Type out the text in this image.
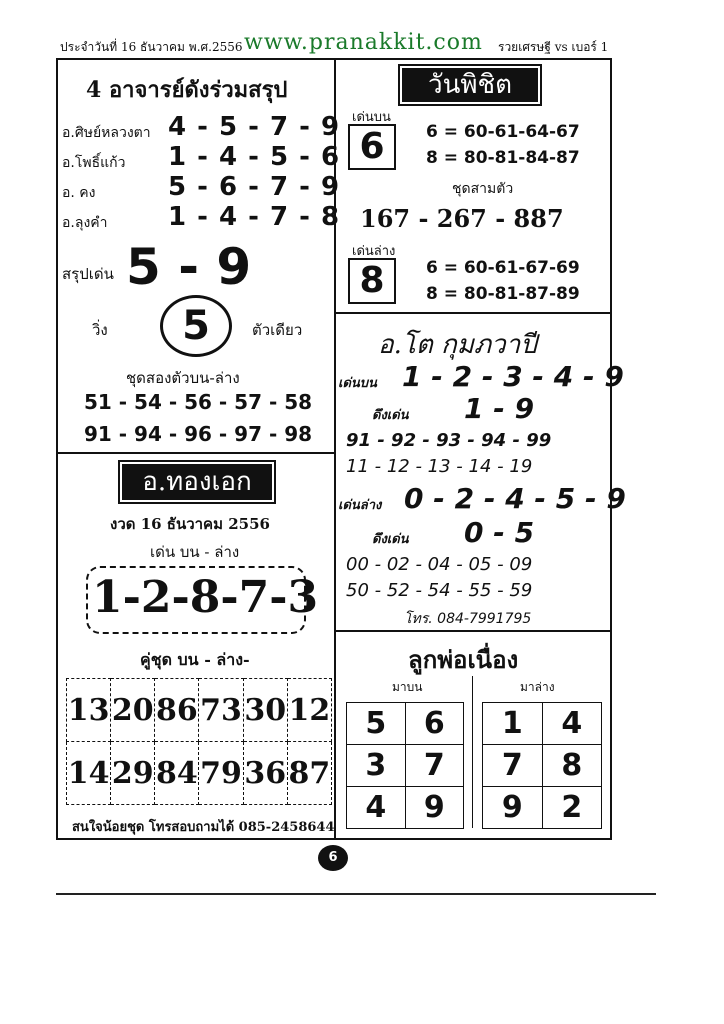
ประจำวันที่ 16 ธันวาคม พ.ศ.2556 www.pranakkit.com รวยเศรษฐี vs เบอร์ 1
4 อาจารย์ดังร่วมสรุป
อ.ศิษย์หลวงตา 4 - 5 - 7 - 9
อ.โพธิ์แก้ว 1 - 4 - 5 - 6
อ. คง	5 - 6 - 7 - 9
อ.ลุงคำ 1 - 4 - 7 - 8
สรุปเด่น 5 - 9
วิ่ง	5	ตัวเดียว
ชุดสองตัวบน-ล่าง
51 - 54 - 56 - 57 - 58
91 - 94 - 96 - 97 - 98
วันพิชิต
เด่นบน
6	6 = 60-61-64-67
8 = 80-81-84-87
ชุดสามตัว
167 - 267 - 887
เด่นล่าง
8	6 = 60-61-67-69
8 = 80-81-87-89
อ.โต กุมภวาปี
เด่นบน 1 - 2 - 3 - 4 - 9
ดึงเด่น 1 - 9
91 - 92 - 93 - 94 - 99
11 - 12 - 13 - 14 - 19
เด่นล่าง 0 - 2 - 4 - 5 - 9
ดึงเด่น 0 - 5
00 - 02 - 04 - 05 - 09
50 - 52 - 54 - 55 - 59
โทร. 084-7991795
อ.ทองเอก
งวด 16 ธันวาคม 2556
เด่น บน - ล่าง
1-2-8-7-3
คู่ชุด บน - ล่าง-
13	20	86	73	30	12
14	29	84	79	36	87
สนใจน้อยชุด โทรสอบถามได้ 085-2458644
ลูกพ่อเนื่อง
มาบน	มาล่าง
5	6
3	7
4	9
1	4
7	8
9	2
6
